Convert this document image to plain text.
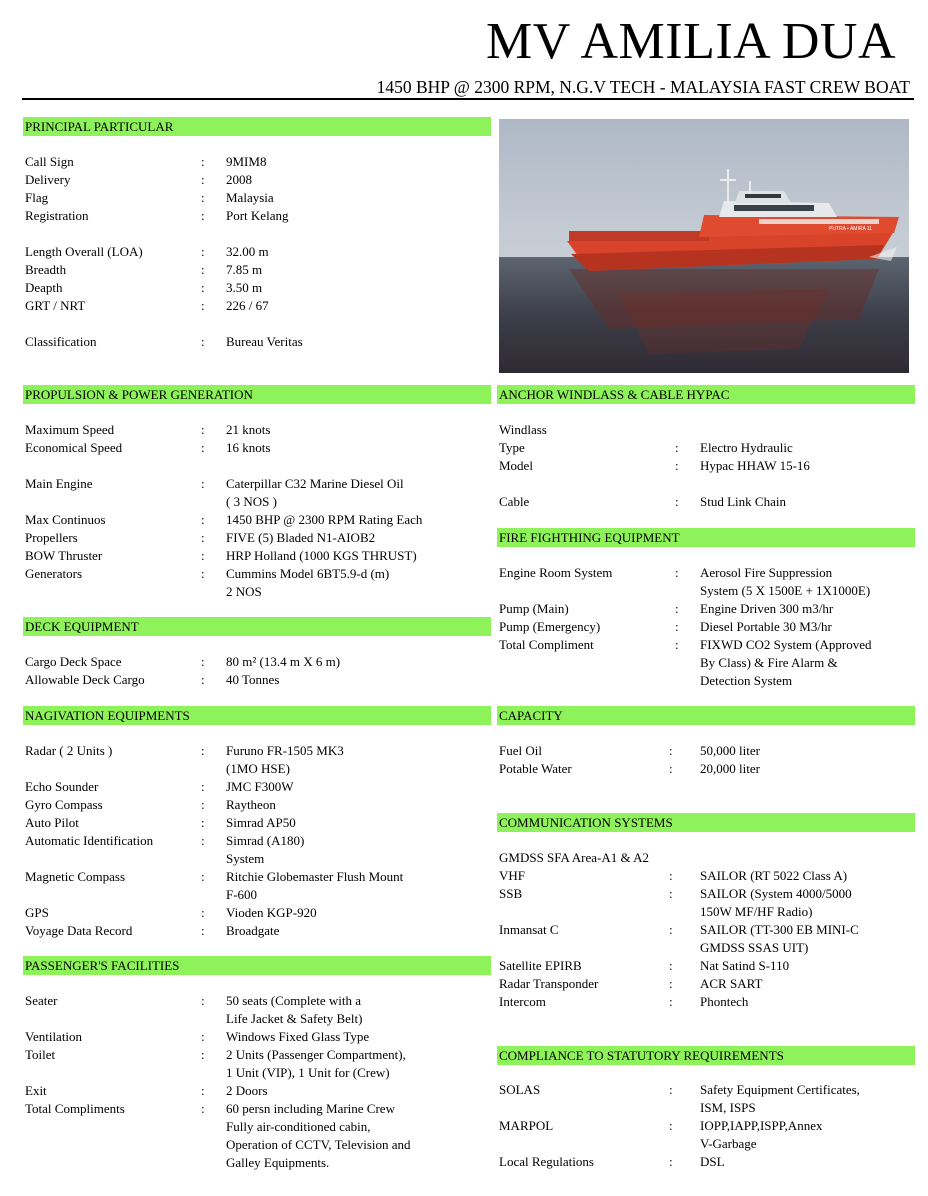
MV AMILIA DUA
1450 BHP @ 2300 RPM, N.G.V TECH - MALAYSIA FAST CREW BOAT
PRINCIPAL PARTICULAR
Call Sign	: 9MIM8
Delivery	: 2008
Flag	: Malaysia
Registration	: Port Kelang
Length Overall (LOA)	: 32.00 m
Breadth	: 7.85 m
Deapth	: 3.50 m
GRT / NRT	: 226 / 67
Classification	: Bureau Veritas
PROPULSION & POWER GENERATION
Maximum Speed	: 21 knots
Economical Speed	: 16 knots
Main Engine	: Caterpillar C32 Marine Diesel Oil
( 3 NOS )
Max Continuos	: 1450 BHP @ 2300 RPM Rating Each
Propellers	: FIVE (5) Bladed N1-AIOB2
BOW Thruster	: HRP Holland (1000 KGS THRUST)
Generators	: Cummins Model 6BT5.9-d (m)
2 NOS
DECK EQUIPMENT
Cargo Deck Space	: 80 m² (13.4 m X 6 m)
Allowable Deck Cargo	: 40 Tonnes
NAGIVATION EQUIPMENTS
Radar ( 2 Units )	: Furuno FR-1505 MK3
(1MO HSE)
Echo Sounder	: JMC F300W
Gyro Compass	: Raytheon
Auto Pilot	: Simrad AP50
Automatic Identification	: Simrad (A180)
System
Magnetic Compass	: Ritchie Globemaster Flush Mount
F-600
GPS	: Vioden KGP-920
Voyage Data Record	: Broadgate
PASSENGER'S FACILITIES
Seater	: 50 seats (Complete with a
Life Jacket & Safety Belt)
Ventilation	: Windows Fixed Glass Type
Toilet	: 2 Units (Passenger Compartment),
1 Unit (VIP), 1 Unit for (Crew)
Exit	: 2 Doors
Total Compliments	: 60 persn including Marine Crew
Fully air-conditioned cabin,
Operation of CCTV, Television and
Galley Equipments.
PUTRA ▪ AMIRA 11
ANCHOR WINDLASS & CABLE HYPAC
Windlass
Type	: Electro Hydraulic
Model	: Hypac HHAW 15-16
Cable	: Stud Link Chain
FIRE FIGHTHING EQUIPMENT
Engine Room System	: Aerosol Fire Suppression
System (5 X 1500E + 1X1000E)
Pump (Main)	: Engine Driven 300 m3/hr
Pump (Emergency)	: Diesel Portable 30 M3/hr
Total Compliment	: FIXWD CO2 System (Approved
By Class) & Fire Alarm &
Detection System
CAPACITY
Fuel Oil	: 50,000 liter
Potable Water	: 20,000 liter
COMMUNICATION SYSTEMS
GMDSS SFA Area-A1 & A2
VHF	: SAILOR (RT 5022 Class A)
SSB	: SAILOR (System 4000/5000
150W MF/HF Radio)
Inmansat C	: SAILOR (TT-300 EB MINI-C
GMDSS SSAS UIT)
Satellite EPIRB	: Nat Satind S-110
Radar Transponder	: ACR SART
Intercom	: Phontech
COMPLIANCE TO STATUTORY REQUIREMENTS
SOLAS	: Safety Equipment Certificates,
ISM, ISPS
MARPOL	: IOPP,IAPP,ISPP,Annex
V-Garbage
Local Regulations	: DSL
